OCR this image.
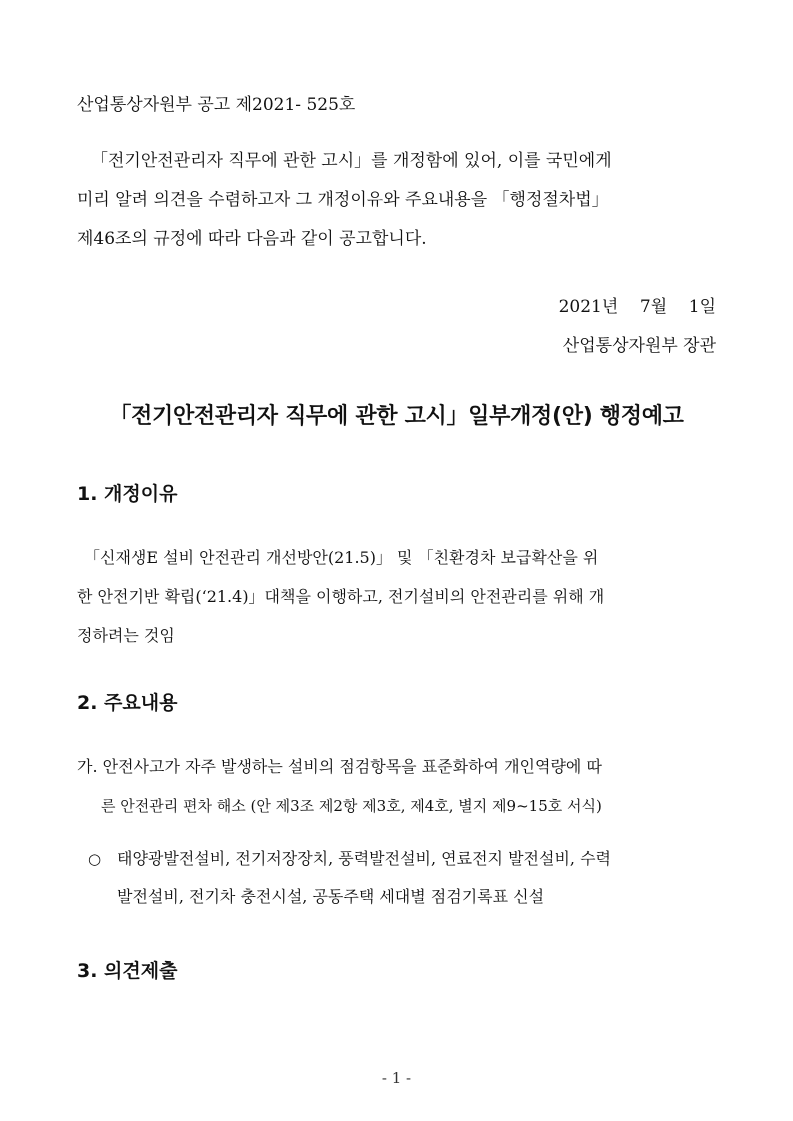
산업통상자원부 공고 제2021- 525호
「전기안전관리자 직무에 관한 고시」를 개정함에 있어, 이를 국민에게
미리 알려 의견을 수렴하고자 그 개정이유와 주요내용을 「행정절차법」
제46조의 규정에 따라 다음과 같이 공고합니다.
2021년    7월    1일
산업통상자원부 장관
「전기안전관리자 직무에 관한 고시」일부개정(안) 행정예고
1. 개정이유
「신재생E 설비 안전관리 개선방안(21.5)」 및 「친환경차 보급확산을 위
한 안전기반 확립(‘21.4)」대책을 이행하고, 전기설비의 안전관리를 위해 개
정하려는 것임
2. 주요내용
가. 안전사고가 자주 발생하는 설비의 점검항목을 표준화하여 개인역량에 따
른 안전관리 편차 해소 (안 제3조 제2항 제3호, 제4호, 별지 제9~15호 서식)
○ 태양광발전설비, 전기저장장치, 풍력발전설비, 연료전지 발전설비, 수력
발전설비, 전기차 충전시설, 공동주택 세대별 점검기록표 신설
3. 의견제출
- 1 -
